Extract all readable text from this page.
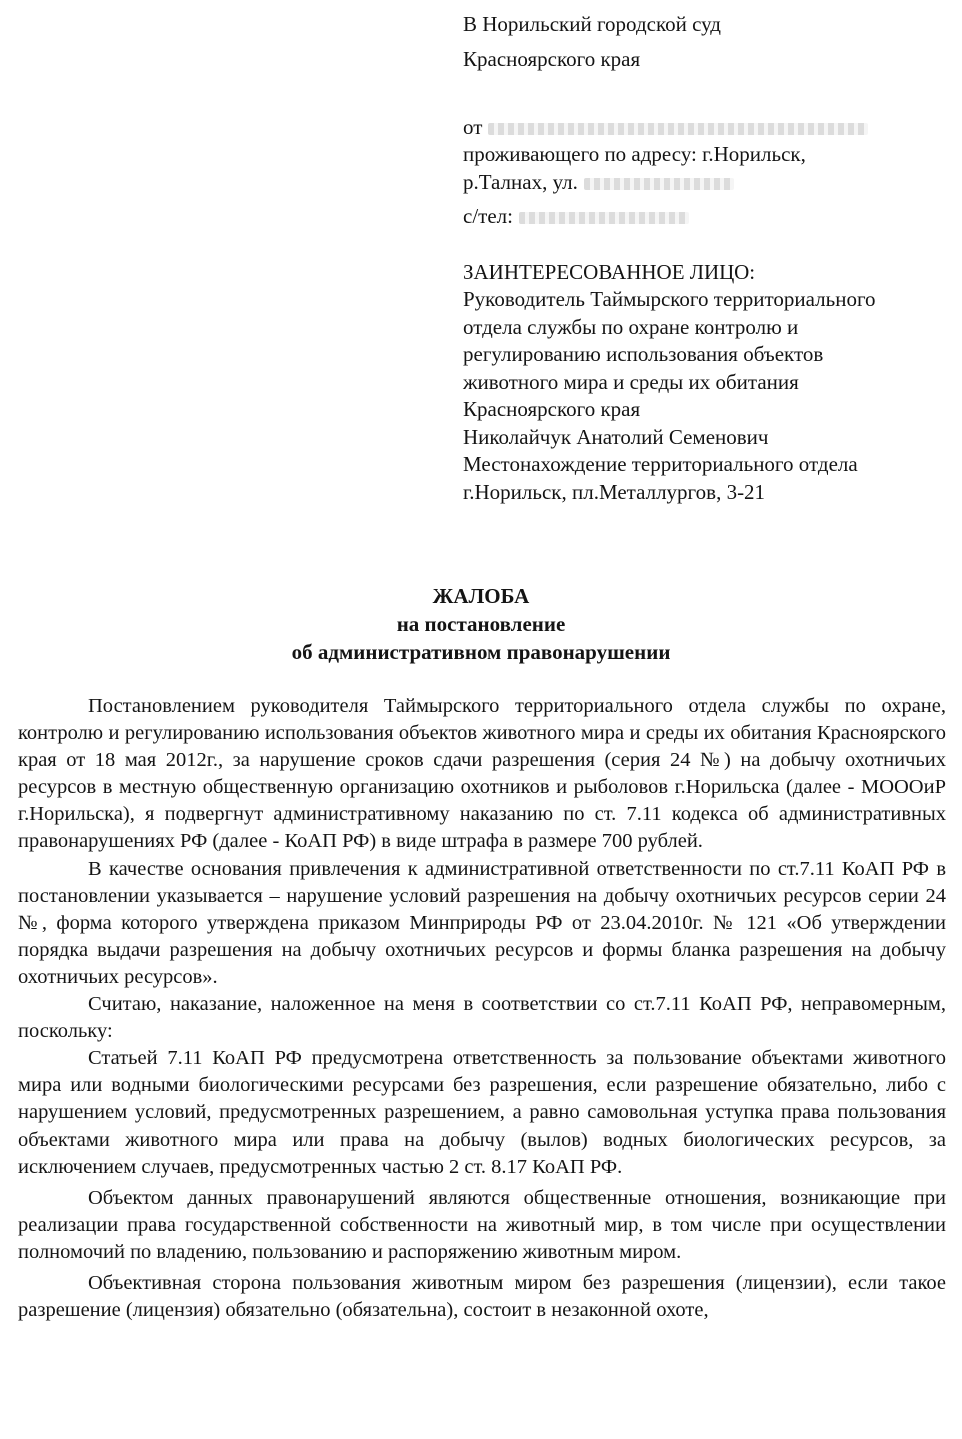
В Норильский городской суд
Красноярского края
от
проживающего по адресу: г.Норильск,
р.Талнах, ул.
с/тел:
ЗАИНТЕРЕСОВАННОЕ ЛИЦО:
Руководитель Таймырского территориального
отдела службы по охране контролю и
регулированию использования объектов
животного мира и среды их обитания
Красноярского края
Николайчук Анатолий Семенович
Местонахождение территориального отдела
г.Норильск, пл.Металлургов, 3-21
ЖАЛОБА
на постановление
об административном правонарушении

Постановлением руководителя Таймырского территориального отдела службы по охране, контролю и регулированию использования объектов животного мира и среды их обитания Красноярского края от 18 мая 2012г., за нарушение сроков сдачи разрешения (серия 24 №) на добычу охотничьих ресурсов в местную общественную организацию охотников и рыболовов г.Норильска (далее - МОООиР г.Норильска), я подвергнут административному наказанию по ст. 7.11 кодекса об административных правонарушениях РФ (далее - КоАП РФ) в виде штрафа в размере 700 рублей.

В качестве основания привлечения к административной ответственности по ст.7.11 КоАП РФ в постановлении указывается – нарушение условий разрешения на добычу охотничьих ресурсов серии 24 №, форма которого утверждена приказом Минприроды РФ от 23.04.2010г. № 121 «Об утверждении порядка выдачи разрешения на добычу охотничьих ресурсов и формы бланка разрешения на добычу охотничьих ресурсов».

Считаю, наказание, наложенное на меня в соответствии со ст.7.11 КоАП РФ, неправомерным, поскольку:

Статьей 7.11 КоАП РФ предусмотрена ответственность за пользование объектами животного мира или водными биологическими ресурсами без разрешения, если разрешение обязательно, либо с нарушением условий, предусмотренных разрешением, а равно самовольная уступка права пользования объектами животного мира или права на добычу (вылов) водных биологических ресурсов, за исключением случаев, предусмотренных частью 2 ст. 8.17 КоАП РФ.

Объектом данных правонарушений являются общественные отношения, возникающие при реализации права государственной собственности на животный мир, в том числе при осуществлении полномочий по владению, пользованию и распоряжению животным миром.

Объективная сторона пользования животным миром без разрешения (лицензии), если такое разрешение (лицензия) обязательно (обязательна), состоит в незаконной охоте,
